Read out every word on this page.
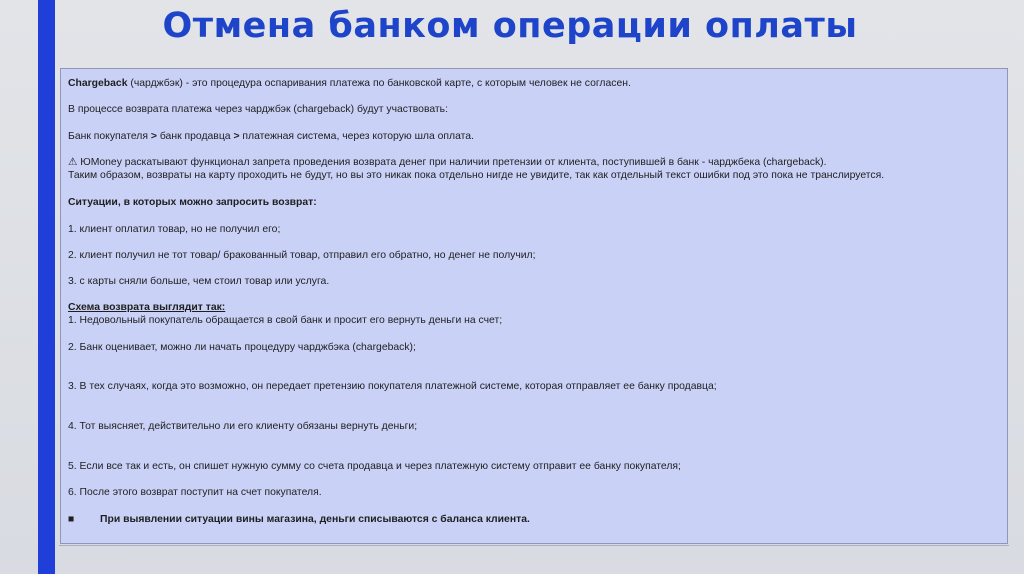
Отмена банком операции оплаты
Chargeback (чарджбэк) - это процедура оспаривания платежа по банковской карте, с которым человек не согласен.
В процессе возврата платежа через чарджбэк (chargeback) будут участвовать:
Банк покупателя > банк продавца > платежная система, через которую шла оплата.
⚠ ЮMoney раскатывают функционал запрета проведения возврата денег при наличии претензии от клиента, поступившей в банк - чарджбека (chargeback).
Таким образом, возвраты на карту проходить не будут, но вы это никак пока отдельно нигде не увидите, так как отдельный текст ошибки под это пока не транслируется.
Ситуации, в которых можно запросить возврат:
1. клиент оплатил товар, но не получил его;
2. клиент получил не тот товар/ бракованный товар, отправил его обратно, но денег не получил;
3. с карты сняли больше, чем стоил товар или услуга.
Схема возврата выглядит так:
1. Недовольный покупатель обращается в свой банк и просит его вернуть деньги на счет;
2. Банк оценивает, можно ли начать процедуру чарджбэка (chargeback);
3. В тех случаях, когда это возможно, он передает претензию покупателя платежной системе, которая отправляет ее банку продавца;
4. Тот выясняет, действительно ли его клиенту обязаны вернуть деньги;
5. Если все так и есть, он спишет нужную сумму со счета продавца и через платежную систему отправит ее банку покупателя;
6. После этого возврат поступит на счет покупателя.
■ При выявлении ситуации вины магазина, деньги списываются с баланса клиента.
